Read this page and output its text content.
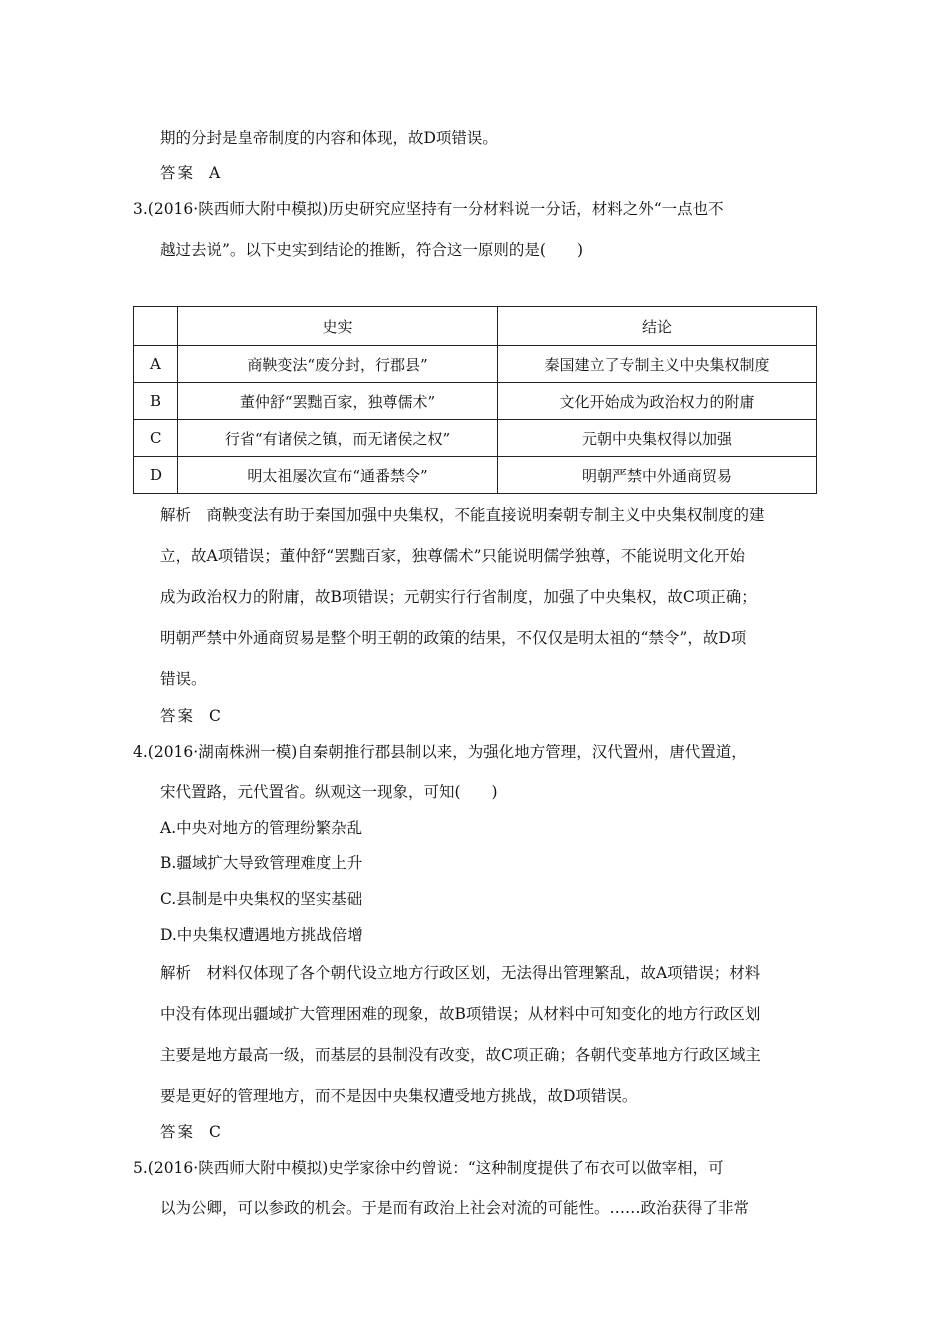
期的分封是皇帝制度的内容和体现，故D项错误。
答案 A
3.(2016·陕西师大附中模拟)历史研究应坚持有一分材料说一分话，材料之外“一点也不
越过去说”。以下史实到结论的推断，符合这一原则的是(　　)
	史实	结论
A	商鞅变法“废分封，行郡县”	秦国建立了专制主义中央集权制度
B	董仲舒“罢黜百家，独尊儒术”	文化开始成为政治权力的附庸
C	行省“有诸侯之镇，而无诸侯之权”	元朝中央集权得以加强
D	明太祖屡次宣布“通番禁令”	明朝严禁中外通商贸易
解析　商鞅变法有助于秦国加强中央集权，不能直接说明秦朝专制主义中央集权制度的建
立，故A项错误；董仲舒“罢黜百家，独尊儒术”只能说明儒学独尊，不能说明文化开始
成为政治权力的附庸，故B项错误；元朝实行行省制度，加强了中央集权，故C项正确；
明朝严禁中外通商贸易是整个明王朝的政策的结果，不仅仅是明太祖的“禁令”，故D项
错误。
答案 C
4.(2016·湖南株洲一模)自秦朝推行郡县制以来，为强化地方管理，汉代置州，唐代置道，
宋代置路，元代置省。纵观这一现象，可知(　　)
A.中央对地方的管理纷繁杂乱
B.疆域扩大导致管理难度上升
C.县制是中央集权的坚实基础
D.中央集权遭遇地方挑战倍增
解析　材料仅体现了各个朝代设立地方行政区划，无法得出管理繁乱，故A项错误；材料
中没有体现出疆域扩大管理困难的现象，故B项错误；从材料中可知变化的地方行政区划
主要是地方最高一级，而基层的县制没有改变，故C项正确；各朝代变革地方行政区域主
要是更好的管理地方，而不是因中央集权遭受地方挑战，故D项错误。
答案 C
5.(2016·陕西师大附中模拟)史学家徐中约曾说：“这种制度提供了布衣可以做宰相，可
以为公卿，可以参政的机会。于是而有政治上社会对流的可能性。……政治获得了非常
